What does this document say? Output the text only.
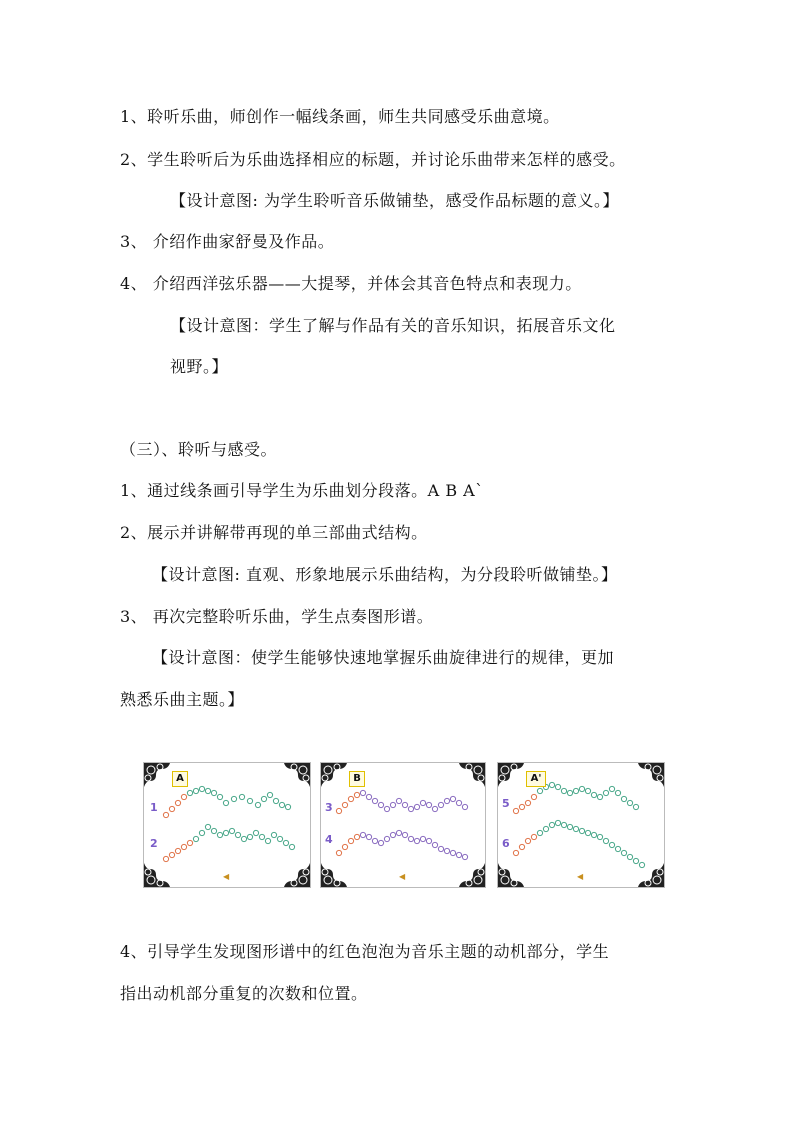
1、聆听乐曲，师创作一幅线条画，师生共同感受乐曲意境。
2、学生聆听后为乐曲选择相应的标题，并讨论乐曲带来怎样的感受。
【设计意图: 为学生聆听音乐做铺垫，感受作品标题的意义。】
3、 介绍作曲家舒曼及作品。
4、 介绍西洋弦乐器——大提琴，并体会其音色特点和表现力。
【设计意图：学生了解与作品有关的音乐知识，拓展音乐文化
视野。】
（三）、聆听与感受。
1、通过线条画引导学生为乐曲划分段落。A B A`
2、展示并讲解带再现的单三部曲式结构。
【设计意图: 直观、形象地展示乐曲结构，为分段聆听做铺垫。】
3、 再次完整聆听乐曲，学生点奏图形谱。
【设计意图：使学生能够快速地掌握乐曲旋律进行的规律，更加
熟悉乐曲主题。】
A
1
2
◀
B
3
4
◀
A'
5
6
◀
4、引导学生发现图形谱中的红色泡泡为音乐主题的动机部分，学生
指出动机部分重复的次数和位置。
